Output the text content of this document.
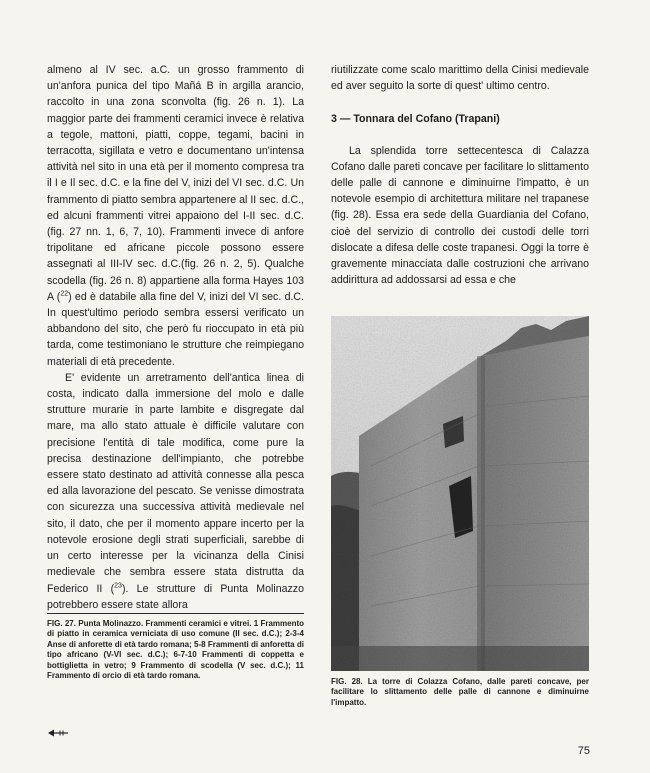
almeno al IV sec. a.C. un grosso frammento di un'anfora punica del tipo Mañá B in argilla arancio, raccolto in una zona sconvolta (fig. 26 n. 1). La maggior parte dei frammenti ceramici invece è relativa a tegole, mattoni, piatti, coppe, tegami, bacini in terracotta, sigillata e vetro e documentano un'intensa attività nel sito in una età per il momento compresa tra il I e Il sec. d.C. e la fine del V, inizi del VI sec. d.C. Un frammento di piatto sembra appartenere al II sec. d.C., ed alcuni frammenti vitrei appaiono del I-II sec. d.C. (fig. 27 nn. 1, 6, 7, 10). Frammenti invece di anfore tripolitane ed africane piccole possono essere assegnati al III-IV sec. d.C.(fig. 26 n. 2, 5). Qualche scodella (fig. 26 n. 8) appartiene alla forma Hayes 103 A ($^{22}$) ed è databile alla fine del V, inizi del VI sec. d.C. In quest'ultimo periodo sembra essersi verificato un abbandono del sito, che però fu rioccupato in età più tarda, come testimoniano le strutture che reimpiegano materiali di età precedente.

E' evidente un arretramento dell'antica linea di costa, indicato dalla immersione del molo e dalle strutture murarie in parte lambite e disgregate dal mare, ma allo stato attuale è difficile valutare con precisione l'entità di tale modifica, come pure la precisa destinazione dell'impianto, che potrebbe essere stato destinato ad attività connesse alla pesca ed alla lavorazione del pescato. Se venisse dimostrata con sicurezza una successiva attività medievale nel sito, il dato, che per il momento appare incerto per la notevole erosione degli strati superficiali, sarebbe di un certo interesse per la vicinanza della Cinisi medievale che sembra essere stata distrutta da Federico II ($^{23}$). Le strutture di Punta Molinazzo potrebbero essere state allora

riutilizzate come scalo marittimo della Cinisi medievale ed aver seguito la sorte di quest' ultimo centro.

3 — Tonnara del Cofano (Trapani)

La splendida torre settecentesca di Calazza Cofano dalle pareti concave per facilitare lo slittamento delle palle di cannone e diminuirne l'impatto, è un notevole esempio di architettura militare nel trapanese (fig. 28). Essa era sede della Guardiania del Cofano, cioè del servizio di controllo dei custodi delle torri dislocate a difesa delle coste trapanesi. Oggi la torre è gravemente minacciata dalle costruzioni che arrivano addirittura ad addossarsi ad essa e che

FIG. 27. Punta Molinazzo. Frammenti ceramici e vitrei. 1 Frammento di piatto in ceramica verniciata di uso comune (II sec. d.C.); 2-3-4 Anse di anforette di età tardo romana; 5-8 Frammenti di anforetta di tipo africano (V-VI sec. d.C.); 6-7-10 Frammenti di coppetta e bottiglietta in vetro; 9 Frammento di scodella (V sec. d.C.); 11 Frammento di orcio di età tardo romana.

FIG. 28. La torre di Colazza Cofano, dalle pareti concave, per facilitare lo slittamento delle palle di cannone e diminuirne l'impatto.

75
